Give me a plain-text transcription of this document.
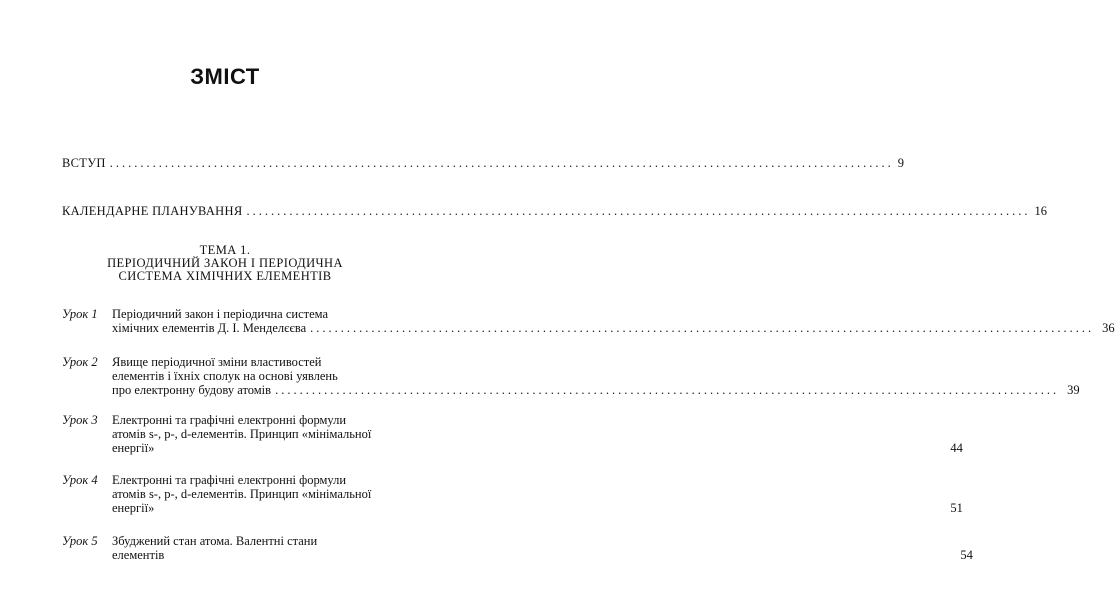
ЗМІСТ
ВСТУП ................................................................................................................................ 9
КАЛЕНДАРНЕ ПЛАНУВАННЯ ................................................................................................................................ 16
ТЕМА 1.
ПЕРІОДИЧНИЙ ЗАКОН І ПЕРІОДИЧНА
СИСТЕМА ХІМІЧНИХ ЕЛЕМЕНТІВ
Урок 1 Періодичний закон і періодична система
хімічних елементів Д. І. Менделєєва ................................................................................................................................ 36
Урок 2 Явище періодичної зміни властивостей
елементів і їхніх сполук на основі уявлень
про електронну будову атомів ................................................................................................................................ 39
Урок 3 Електронні та графічні електронні формули
атомів s-, p-, d-елементів. Принцип «мінімальної
енергії»	44
Урок 4 Електронні та графічні електронні формули
атомів s-, p-, d-елементів. Принцип «мінімальної
енергії»	51
Урок 5 Збуджений стан атома. Валентні стани
елементів	54
